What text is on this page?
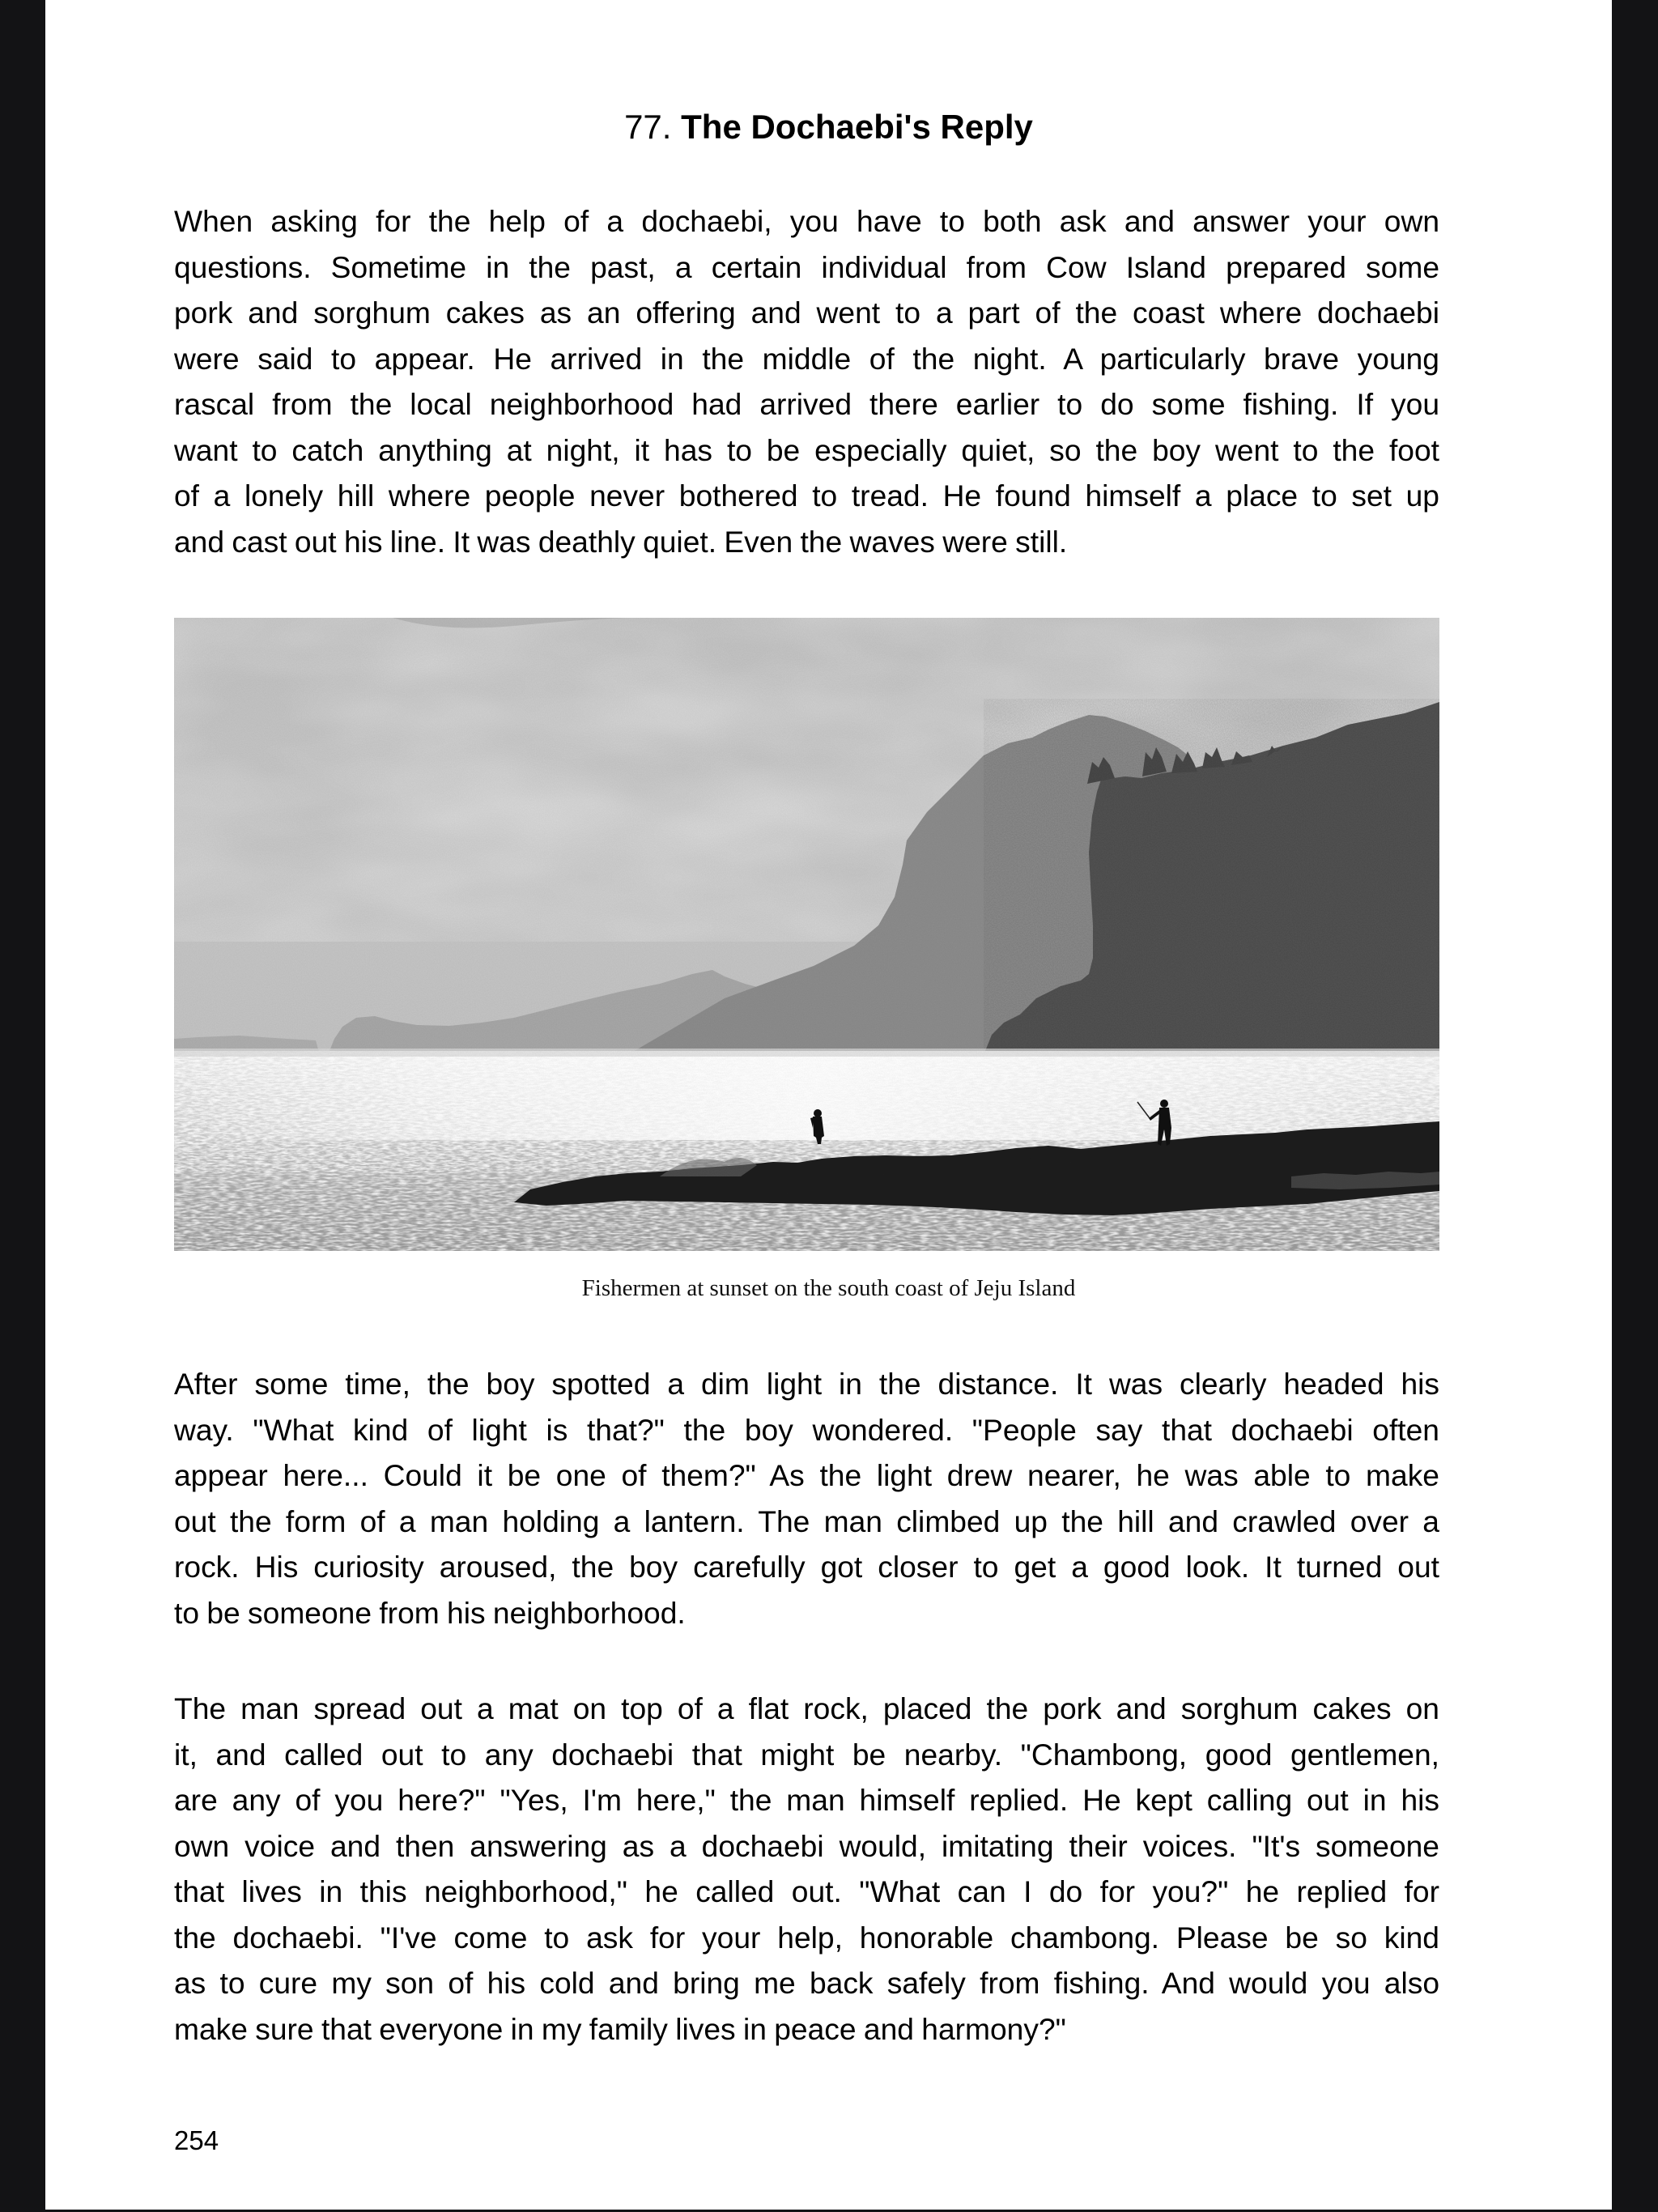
77. The Dochaebi's Reply

When asking for the help of a dochaebi, you have to both ask and answer your own
questions. Sometime in the past, a certain individual from Cow Island prepared some
pork and sorghum cakes as an offering and went to a part of the coast where dochaebi
were said to appear. He arrived in the middle of the night. A particularly brave young
rascal from the local neighborhood had arrived there earlier to do some fishing. If you
want to catch anything at night, it has to be especially quiet, so the boy went to the foot
of a lonely hill where people never bothered to tread. He found himself a place to set up
and cast out his line. It was deathly quiet. Even the waves were still.

Fishermen at sunset on the south coast of Jeju Island

After some time, the boy spotted a dim light in the distance. It was clearly headed his
way. "What kind of light is that?" the boy wondered. "People say that dochaebi often
appear here... Could it be one of them?" As the light drew nearer, he was able to make
out the form of a man holding a lantern. The man climbed up the hill and crawled over a
rock. His curiosity aroused, the boy carefully got closer to get a good look. It turned out
to be someone from his neighborhood.

The man spread out a mat on top of a flat rock, placed the pork and sorghum cakes on
it, and called out to any dochaebi that might be nearby. "Chambong, good gentlemen,
are any of you here?" "Yes, I'm here," the man himself replied. He kept calling out in his
own voice and then answering as a dochaebi would, imitating their voices. "It's someone
that lives in this neighborhood," he called out. "What can I do for you?" he replied for
the dochaebi. "I've come to ask for your help, honorable chambong. Please be so kind
as to cure my son of his cold and bring me back safely from fishing. And would you also
make sure that everyone in my family lives in peace and harmony?"

254
